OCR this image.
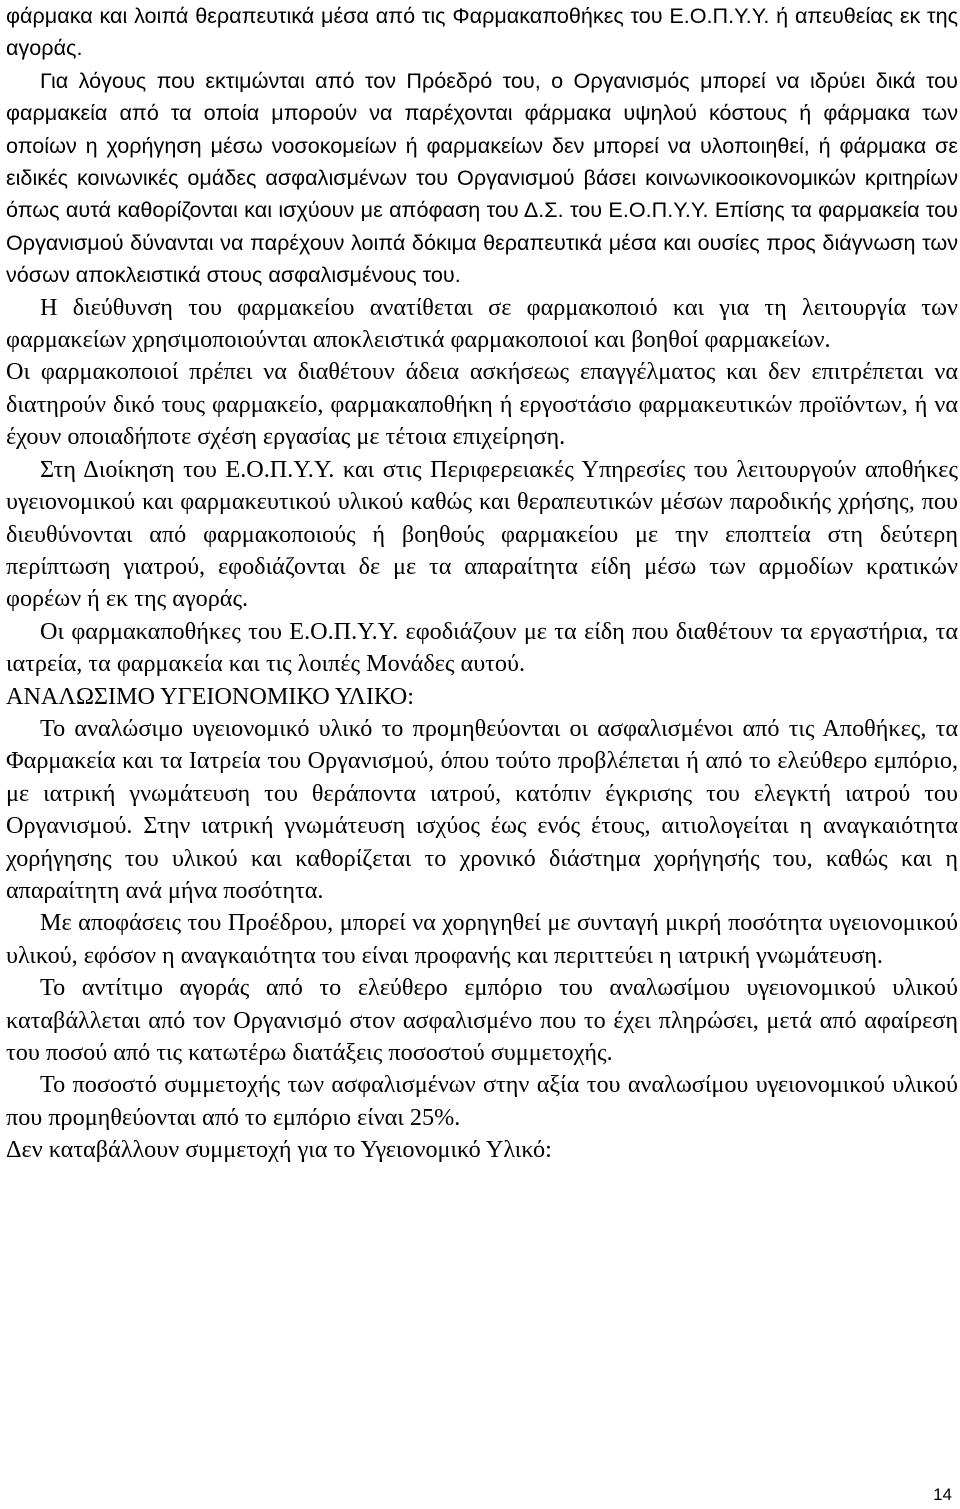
φάρμακα και λοιπά θεραπευτικά μέσα από τις Φαρμακαποθήκες του Ε.Ο.Π.Υ.Υ. ή απευθείας εκ της αγοράς.

Για λόγους που εκτιμώνται από τον Πρόεδρό του, ο Οργανισμός μπορεί να ιδρύει δικά του φαρμακεία από τα οποία μπορούν να παρέχονται φάρμακα υψηλού κόστους ή φάρμακα των οποίων η χορήγηση μέσω νοσοκομείων ή φαρμακείων δεν μπορεί να υλοποιηθεί, ή φάρμακα σε ειδικές κοινωνικές ομάδες ασφαλισμένων του Οργανισμού βάσει κοινωνικοοικονομικών κριτηρίων όπως αυτά καθορίζονται και ισχύουν με απόφαση του Δ.Σ. του Ε.Ο.Π.Υ.Υ. Επίσης τα φαρμακεία του Οργανισμού δύνανται να παρέχουν λοιπά δόκιμα θεραπευτικά μέσα και ουσίες προς διάγνωση των νόσων αποκλειστικά στους ασφαλισμένους του.

Η διεύθυνση του φαρμακείου ανατίθεται σε φαρμακοποιό και για τη λειτουργία των φαρμακείων χρησιμοποιούνται αποκλειστικά φαρμακοποιοί και βοηθοί φαρμακείων.

Οι φαρμακοποιοί πρέπει να διαθέτουν άδεια ασκήσεως επαγγέλματος και δεν επιτρέπεται να διατηρούν δικό τους φαρμακείο, φαρμακαποθήκη ή εργοστάσιο φαρμακευτικών προϊόντων, ή να έχουν οποιαδήποτε σχέση εργασίας με τέτοια επιχείρηση.

Στη Διοίκηση του Ε.Ο.Π.Υ.Υ. και στις Περιφερειακές Υπηρεσίες του λειτουργούν αποθήκες υγειονομικού και φαρμακευτικού υλικού καθώς και θεραπευτικών μέσων παροδικής χρήσης, που διευθύνονται από φαρμακοποιούς ή βοηθούς φαρμακείου με την εποπτεία στη δεύτερη περίπτωση γιατρού, εφοδιάζονται δε με τα απαραίτητα είδη μέσω των αρμοδίων κρατικών φορέων ή εκ της αγοράς.

Οι φαρμακαποθήκες του Ε.Ο.Π.Υ.Υ. εφοδιάζουν με τα είδη που διαθέτουν τα εργαστήρια, τα ιατρεία, τα φαρμακεία και τις λοιπές Μονάδες αυτού.

ΑΝΑΛΩΣΙΜΟ ΥΓΕΙΟΝΟΜΙΚΟ ΥΛΙΚΟ:

Το αναλώσιμο υγειονομικό υλικό το προμηθεύονται οι ασφαλισμένοι από τις Αποθήκες, τα Φαρμακεία και τα Ιατρεία του Οργανισμού, όπου τούτο προβλέπεται ή από το ελεύθερο εμπόριο, με ιατρική γνωμάτευση του θεράποντα ιατρού, κατόπιν έγκρισης του ελεγκτή ιατρού του Οργανισμού. Στην ιατρική γνωμάτευση ισχύος έως ενός έτους, αιτιολογείται η αναγκαιότητα χορήγησης του υλικού και καθορίζεται το χρονικό διάστημα χορήγησής του, καθώς και η απαραίτητη ανά μήνα ποσότητα.

Με αποφάσεις του Προέδρου, μπορεί να χορηγηθεί με συνταγή μικρή ποσότητα υγειονομικού υλικού, εφόσον η αναγκαιότητα του είναι προφανής και περιττεύει η ιατρική γνωμάτευση.

Το αντίτιμο αγοράς από το ελεύθερο εμπόριο του αναλωσίμου υγειονομικού υλικού καταβάλλεται από τον Οργανισμό στον ασφαλισμένο που το έχει πληρώσει, μετά από αφαίρεση του ποσού από τις κατωτέρω διατάξεις ποσοστού συμμετοχής.

Το ποσοστό συμμετοχής των ασφαλισμένων στην αξία του αναλωσίμου υγειονομικού υλικού που προμηθεύονται από το εμπόριο είναι 25%.

Δεν καταβάλλουν συμμετοχή για το Υγειονομικό Υλικό:

14
